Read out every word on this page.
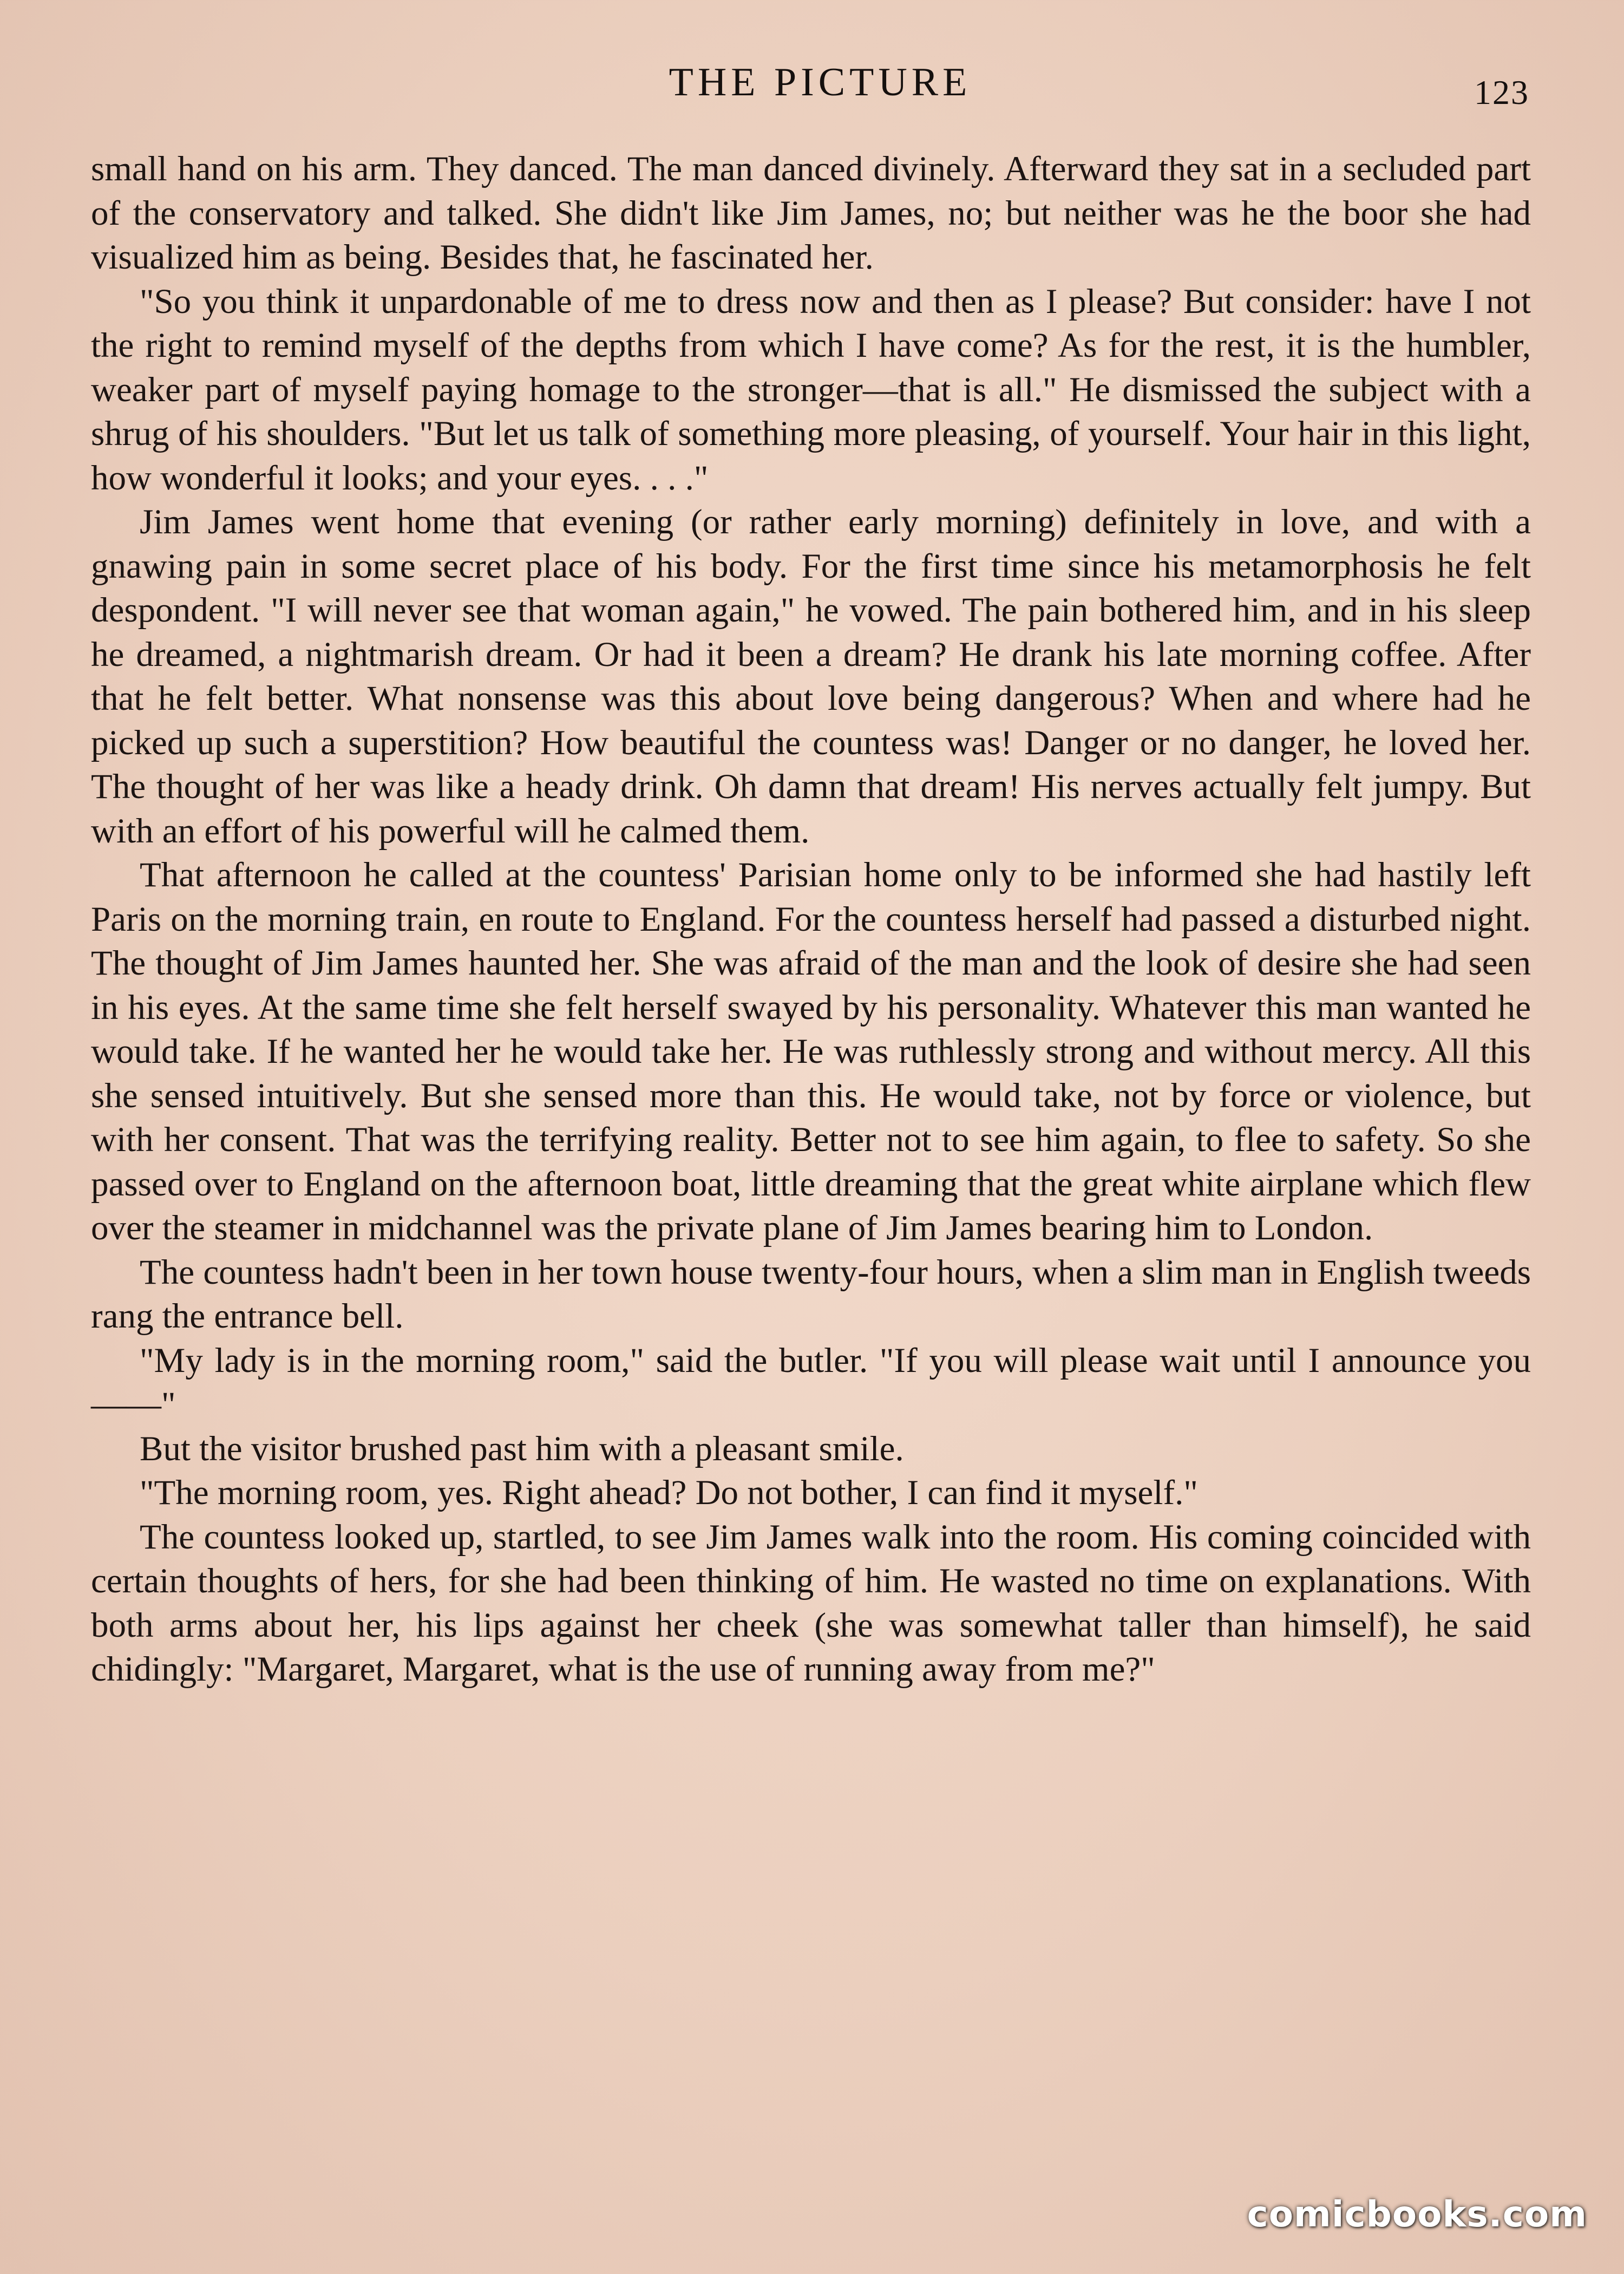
THE PICTURE	123

small hand on his arm. They danced. The man danced divinely. Afterward they sat in a secluded part of the conservatory and talked. She didn't like Jim James, no; but neither was he the boor she had visualized him as being. Besides that, he fascinated her.

"So you think it unpardonable of me to dress now and then as I please? But consider: have I not the right to remind myself of the depths from which I have come? As for the rest, it is the humbler, weaker part of myself paying homage to the stronger—that is all." He dismissed the subject with a shrug of his shoulders. "But let us talk of something more pleasing, of yourself. Your hair in this light, how wonderful it looks; and your eyes. . . ."

Jim James went home that evening (or rather early morning) definitely in love, and with a gnawing pain in some secret place of his body. For the first time since his metamorphosis he felt despondent. "I will never see that woman again," he vowed. The pain bothered him, and in his sleep he dreamed, a nightmarish dream. Or had it been a dream? He drank his late morning coffee. After that he felt better. What nonsense was this about love being dangerous? When and where had he picked up such a superstition? How beautiful the countess was! Danger or no danger, he loved her. The thought of her was like a heady drink. Oh damn that dream! His nerves actually felt jumpy. But with an effort of his powerful will he calmed them.

That afternoon he called at the countess' Parisian home only to be informed she had hastily left Paris on the morning train, en route to England. For the countess herself had passed a disturbed night. The thought of Jim James haunted her. She was afraid of the man and the look of desire she had seen in his eyes. At the same time she felt herself swayed by his personality. Whatever this man wanted he would take. If he wanted her he would take her. He was ruthlessly strong and without mercy. All this she sensed intuitively. But she sensed more than this. He would take, not by force or violence, but with her consent. That was the terrifying reality. Better not to see him again, to flee to safety. So she passed over to England on the afternoon boat, little dreaming that the great white airplane which flew over the steamer in midchannel was the private plane of Jim James bearing him to London.

The countess hadn't been in her town house twenty-four hours, when a slim man in English tweeds rang the entrance bell.

"My lady is in the morning room," said the butler. "If you will please wait until I announce you——"

But the visitor brushed past him with a pleasant smile.

"The morning room, yes. Right ahead? Do not bother, I can find it myself."

The countess looked up, startled, to see Jim James walk into the room. His coming coincided with certain thoughts of hers, for she had been thinking of him. He wasted no time on explanations. With both arms about her, his lips against her cheek (she was somewhat taller than himself), he said chidingly: "Margaret, Margaret, what is the use of running away from me?"

comicbooks.com
